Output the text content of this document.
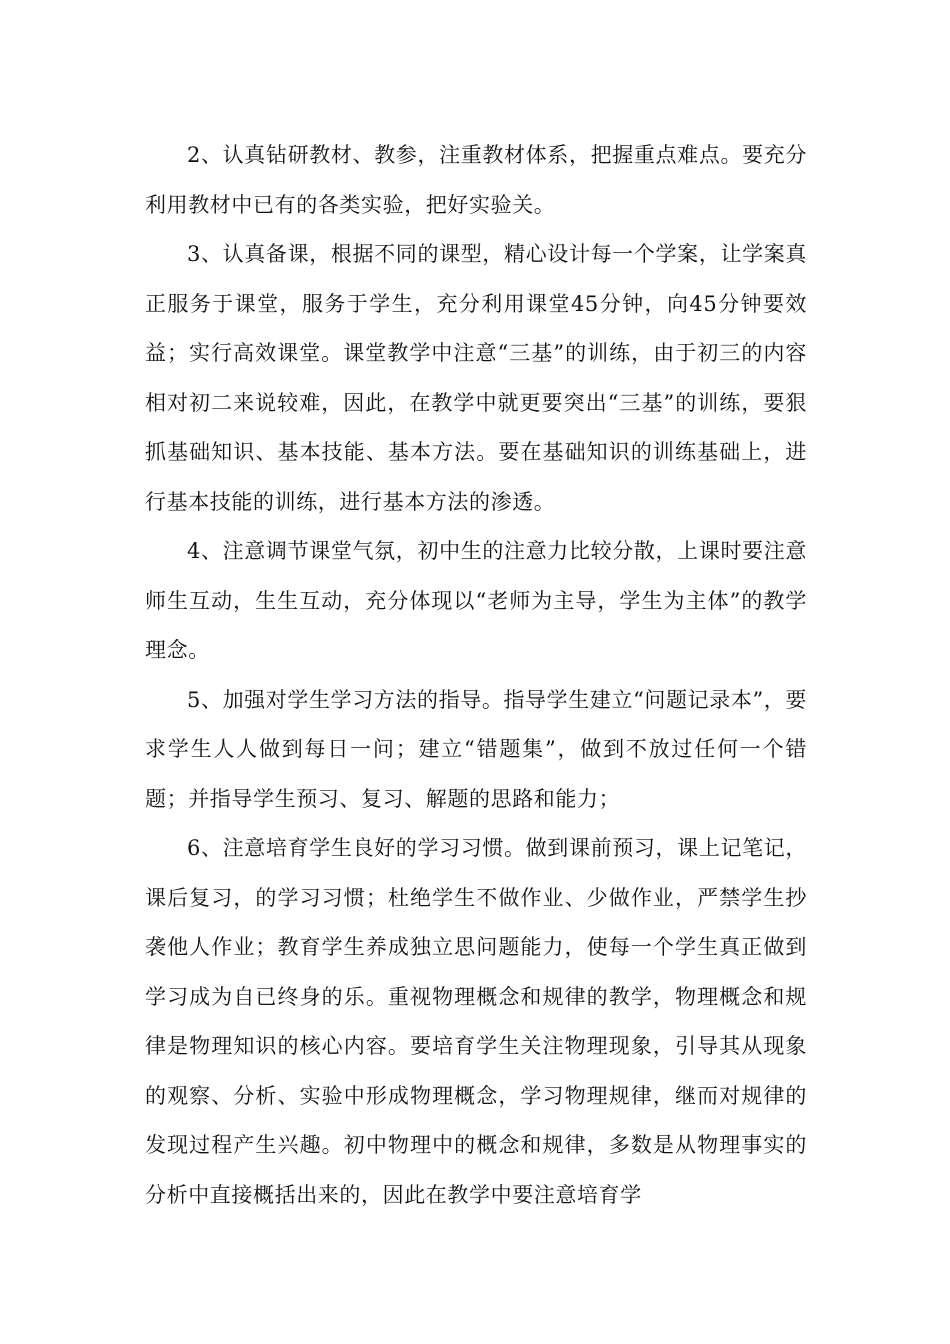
2、认真钻研教材、教参，注重教材体系，把握重点难点。要充分利用教材中已有的各类实验，把好实验关。

3、认真备课，根据不同的课型，精心设计每一个学案，让学案真正服务于课堂，服务于学生，充分利用课堂45分钟，向45分钟要效益；实行高效课堂。课堂教学中注意“三基”的训练，由于初三的内容相对初二来说较难，因此，在教学中就更要突出“三基”的训练，要狠抓基础知识、基本技能、基本方法。要在基础知识的训练基础上，进行基本技能的训练，进行基本方法的渗透。

4、注意调节课堂气氛，初中生的注意力比较分散，上课时要注意师生互动，生生互动，充分体现以“老师为主导，学生为主体”的教学理念。

5、加强对学生学习方法的指导。指导学生建立“问题记录本”，要求学生人人做到每日一问；建立“错题集”，做到不放过任何一个错题；并指导学生预习、复习、解题的思路和能力；

6、注意培育学生良好的学习习惯。做到课前预习，课上记笔记，课后复习，的学习习惯；杜绝学生不做作业、少做作业，严禁学生抄袭他人作业；教育学生养成独立思问题能力，使每一个学生真正做到学习成为自已终身的乐。重视物理概念和规律的教学，物理概念和规律是物理知识的核心内容。要培育学生关注物理现象，引导其从现象的观察、分析、实验中形成物理概念，学习物理规律，继而对规律的发现过程产生兴趣。初中物理中的概念和规律，多数是从物理事实的分析中直接概括出来的，因此在教学中要注意培育学
